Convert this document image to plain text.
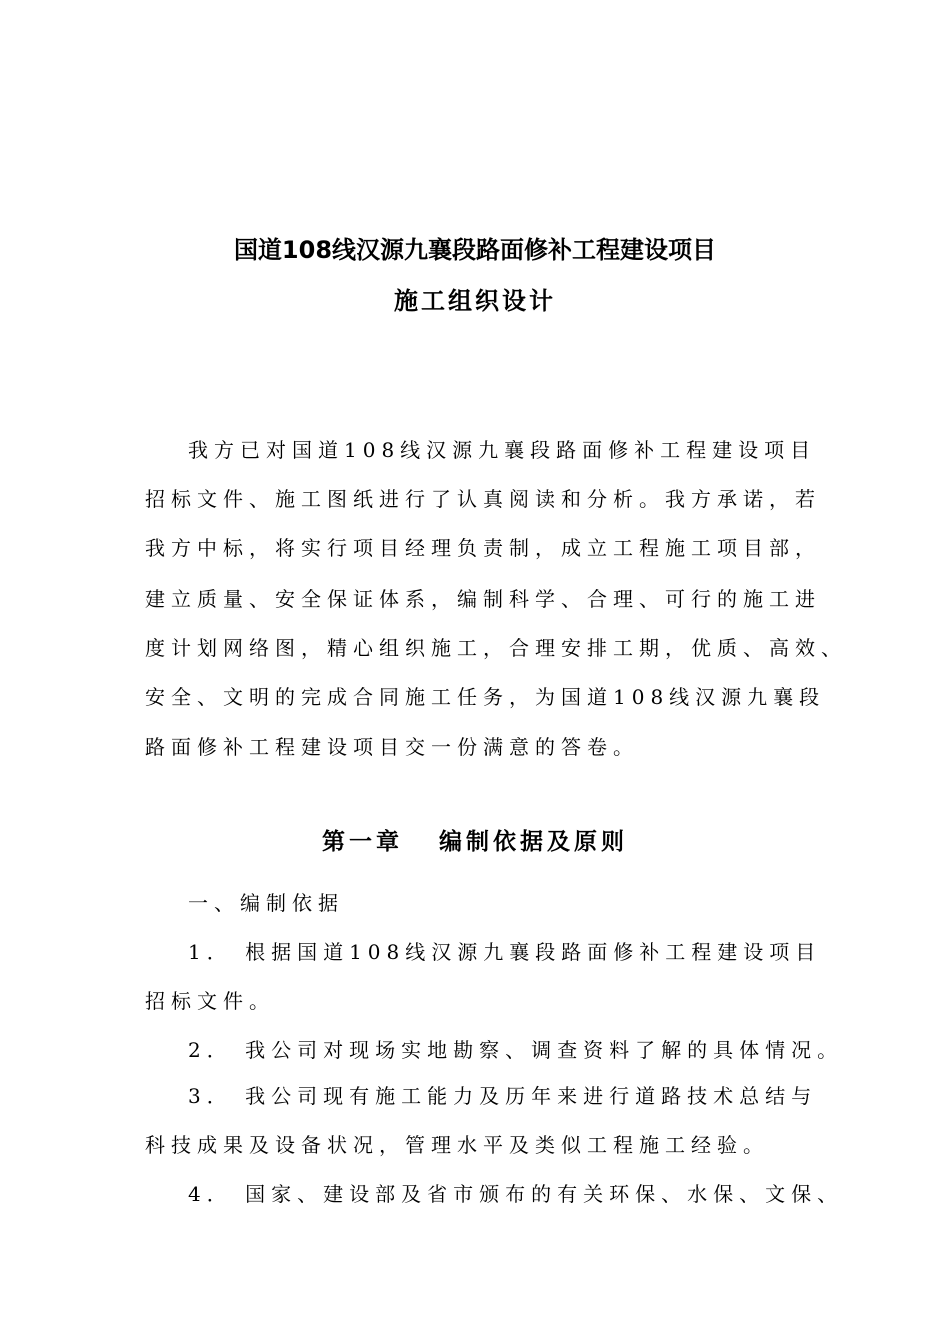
国道108线汉源九襄段路面修补工程建设项目
施工组织设计
我方已对国道108线汉源九襄段路面修补工程建设项目
招标文件、施工图纸进行了认真阅读和分析。我方承诺，若
我方中标，将实行项目经理负责制，成立工程施工项目部，
建立质量、安全保证体系，编制科学、合理、可行的施工进
度计划网络图，精心组织施工，合理安排工期，优质、高效、
安全、文明的完成合同施工任务，为国道108线汉源九襄段
路面修补工程建设项目交一份满意的答卷。
第一章 编制依据及原则
一、编制依据
1． 根据国道108线汉源九襄段路面修补工程建设项目
招标文件。
2． 我公司对现场实地勘察、调查资料了解的具体情况。
3． 我公司现有施工能力及历年来进行道路技术总结与
科技成果及设备状况，管理水平及类似工程施工经验。
4． 国家、建设部及省市颁布的有关环保、水保、文保、
